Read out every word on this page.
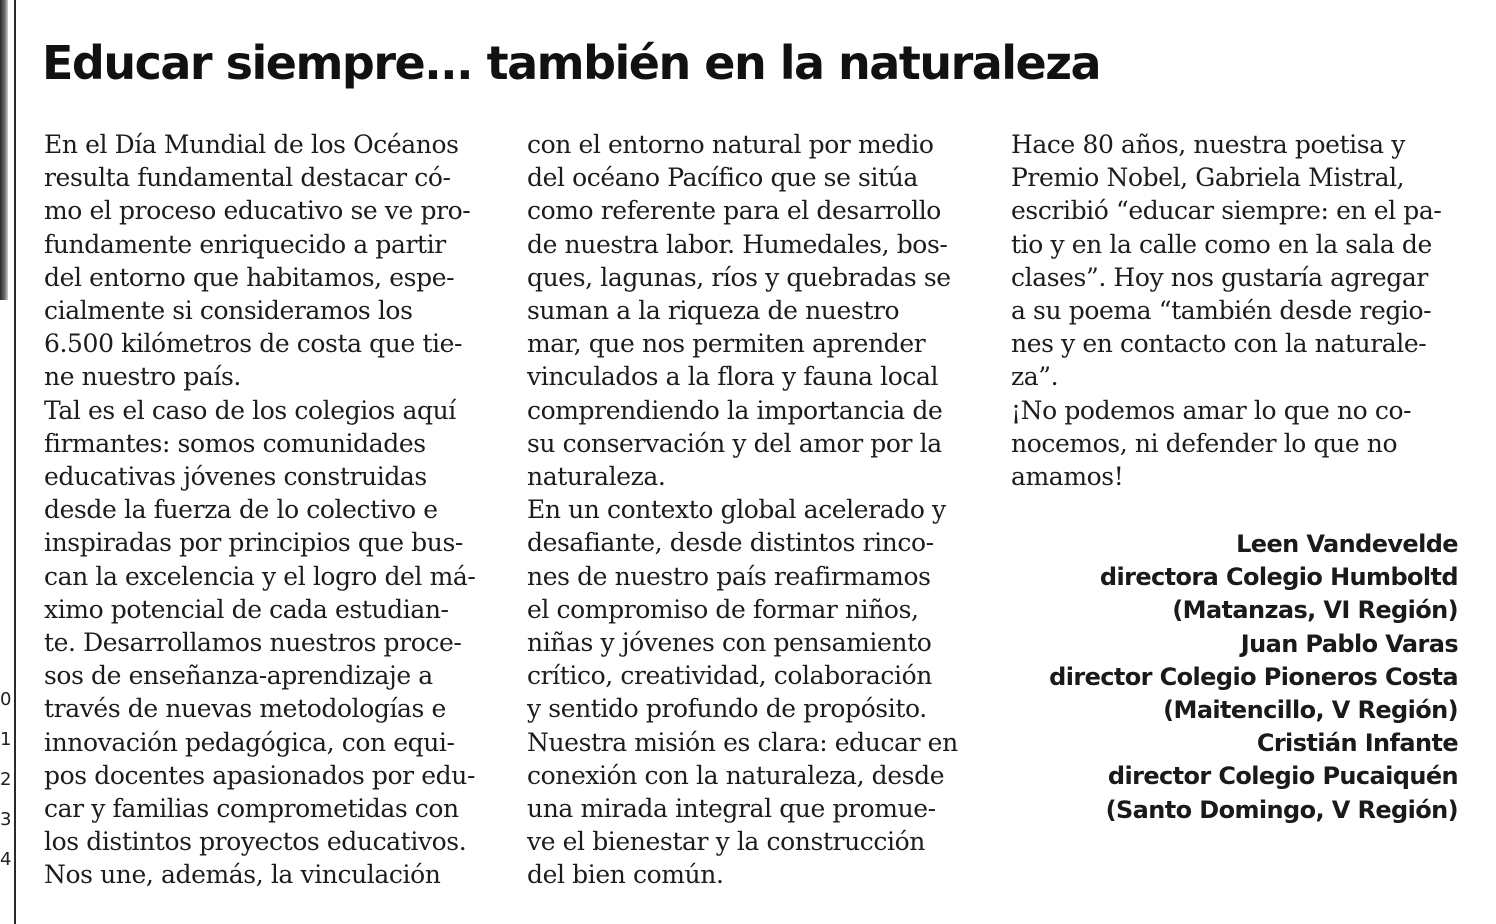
0
1
2
3
4
Educar siempre... también en la naturaleza
En el Día Mundial de los Océanos
resulta fundamental destacar có-
mo el proceso educativo se ve pro-
fundamente enriquecido a partir
del entorno que habitamos, espe-
cialmente si consideramos los
6.500 kilómetros de costa que tie-
ne nuestro país.
Tal es el caso de los colegios aquí
firmantes: somos comunidades
educativas jóvenes construidas
desde la fuerza de lo colectivo e
inspiradas por principios que bus-
can la excelencia y el logro del má-
ximo potencial de cada estudian-
te. Desarrollamos nuestros proce-
sos de enseñanza-aprendizaje a
través de nuevas metodologías e
innovación pedagógica, con equi-
pos docentes apasionados por edu-
car y familias comprometidas con
los distintos proyectos educativos.
Nos une, además, la vinculación
con el entorno natural por medio
del océano Pacífico que se sitúa
como referente para el desarrollo
de nuestra labor. Humedales, bos-
ques, lagunas, ríos y quebradas se
suman a la riqueza de nuestro
mar, que nos permiten aprender
vinculados a la flora y fauna local
comprendiendo la importancia de
su conservación y del amor por la
naturaleza.
En un contexto global acelerado y
desafiante, desde distintos rinco-
nes de nuestro país reafirmamos
el compromiso de formar niños,
niñas y jóvenes con pensamiento
crítico, creatividad, colaboración
y sentido profundo de propósito.
Nuestra misión es clara: educar en
conexión con la naturaleza, desde
una mirada integral que promue-
ve el bienestar y la construcción
del bien común.
Hace 80 años, nuestra poetisa y
Premio Nobel, Gabriela Mistral,
escribió “educar siempre: en el pa-
tio y en la calle como en la sala de
clases”. Hoy nos gustaría agregar
a su poema “también desde regio-
nes y en contacto con la naturale-
za”.
¡No podemos amar lo que no co-
nocemos, ni defender lo que no
amamos!
Leen Vandevelde
directora Colegio Humboltd
(Matanzas, VI Región)
Juan Pablo Varas
director Colegio Pioneros Costa
(Maitencillo, V Región)
Cristián Infante
director Colegio Pucaiquén
(Santo Domingo, V Región)
